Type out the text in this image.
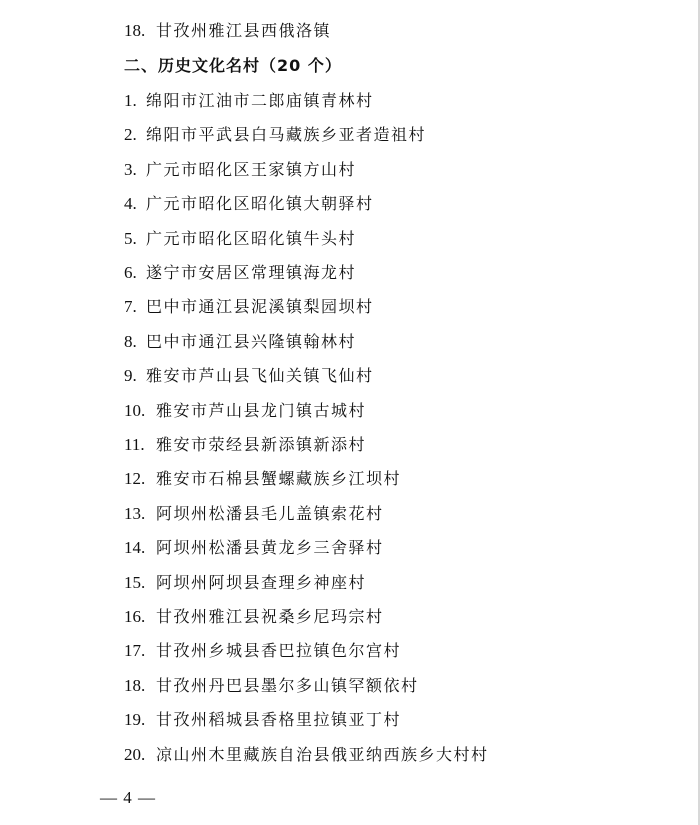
18. 甘孜州雅江县西俄洛镇
二、历史文化名村（20 个）
1. 绵阳市江油市二郎庙镇青林村
2. 绵阳市平武县白马藏族乡亚者造祖村
3. 广元市昭化区王家镇方山村
4. 广元市昭化区昭化镇大朝驿村
5. 广元市昭化区昭化镇牛头村
6. 遂宁市安居区常理镇海龙村
7. 巴中市通江县泥溪镇梨园坝村
8. 巴中市通江县兴隆镇翰林村
9. 雅安市芦山县飞仙关镇飞仙村
10. 雅安市芦山县龙门镇古城村
11. 雅安市荥经县新添镇新添村
12. 雅安市石棉县蟹螺藏族乡江坝村
13. 阿坝州松潘县毛儿盖镇索花村
14. 阿坝州松潘县黄龙乡三舍驿村
15. 阿坝州阿坝县查理乡神座村
16. 甘孜州雅江县祝桑乡尼玛宗村
17. 甘孜州乡城县香巴拉镇色尔宫村
18. 甘孜州丹巴县墨尔多山镇罕额依村
19. 甘孜州稻城县香格里拉镇亚丁村
20. 凉山州木里藏族自治县俄亚纳西族乡大村村
— 4 —
